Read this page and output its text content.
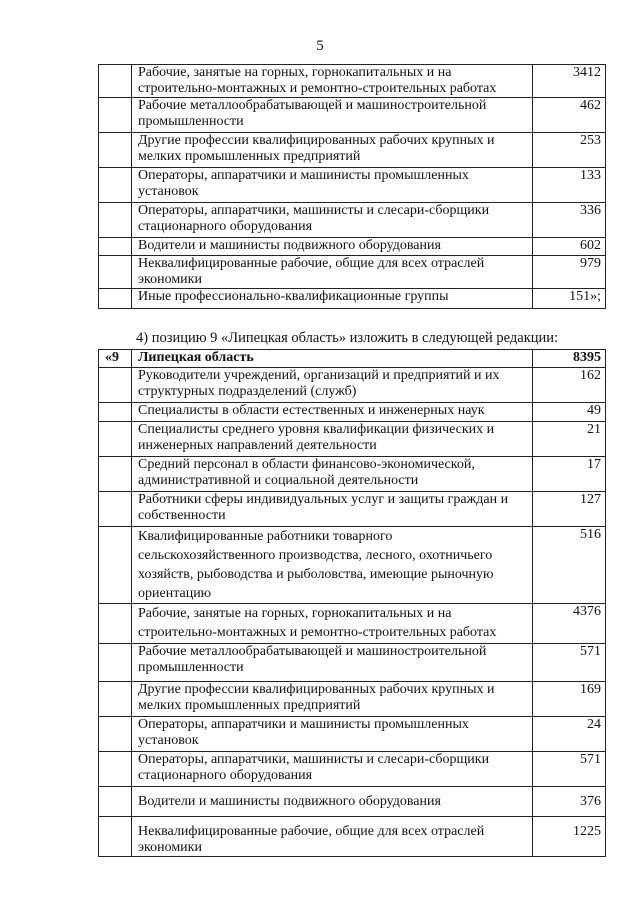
5
	Рабочие, занятые на горных, горнокапитальных и на строительно-монтажных и ремонтно-строительных работах	3412
	Рабочие металлообрабатывающей и машиностроительной промышленности	462
	Другие профессии квалифицированных рабочих крупных и мелких промышленных предприятий	253
	Операторы, аппаратчики и машинисты промышленных установок	133
	Операторы, аппаратчики, машинисты и слесари-сборщики стационарного оборудования	336
	Водители и машинисты подвижного оборудования	602
	Неквалифицированные рабочие, общие для всех отраслей экономики	979
	Иные профессионально-квалификационные группы	151»;
4) позицию 9 «Липецкая область» изложить в следующей редакции:
«9	Липецкая область	8395
	Руководители учреждений, организаций и предприятий и их структурных подразделений (служб)	162
	Специалисты в области естественных и инженерных наук	49
	Специалисты среднего уровня квалификации физических и инженерных направлений деятельности	21
	Средний персонал в области финансово-экономической, административной и социальной деятельности	17
	Работники сферы индивидуальных услуг и защиты граждан и собственности	127
	Квалифицированные работники товарного сельскохозяйственного производства, лесного, охотничьего хозяйств, рыбоводства и рыболовства, имеющие рыночную ориентацию	516
	Рабочие, занятые на горных, горнокапитальных и на строительно-монтажных и ремонтно-строительных работах	4376
	Рабочие металлообрабатывающей и машиностроительной промышленности	571
	Другие профессии квалифицированных рабочих крупных и мелких промышленных предприятий	169
	Операторы, аппаратчики и машинисты промышленных установок	24
	Операторы, аппаратчики, машинисты и слесари-сборщики стационарного оборудования	571
	Водители и машинисты подвижного оборудования	376
	Неквалифицированные рабочие, общие для всех отраслей экономики	1225
